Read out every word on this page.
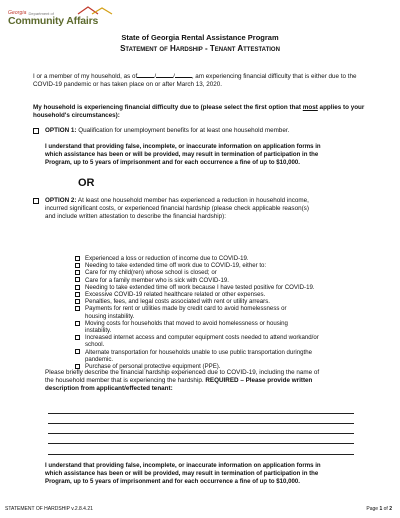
Georgia Department of
Community Affairs
State of Georgia Rental Assistance Program
Statement of Hardship - Tenant Attestation
I or a member of my household, as of	/	/	, am experiencing financial difficulty that is either due to the COVID-19 pandemic or has taken place on or after March 13, 2020.
My household is experiencing financial difficulty due to (please select the first option that most applies to your household's circumstances):
OPTION 1: Qualification for unemployment benefits for at least one household member.
I understand that providing false, incomplete, or inaccurate information on application forms in
which assistance has been or will be provided, may result in termination of participation in the
Program, up to 5 years of imprisonment and for each occurrence a fine of up to $10,000.
OR
OPTION 2: At least one household member has experienced a reduction in household income,
incurred significant costs, or experienced financial hardship (please check applicable reason(s)
and include written attestation to describe the financial hardship):
Experienced a loss or reduction of income due to COVID-19.
Needing to take extended time off work due to COVID-19, either to:
Care for my child(ren) whose school is closed; or
Care for a family member who is sick with COVID-19.
Needing to take extended time off work because I have tested positive for COVID-19.
Excessive COVID-19 related healthcare related or other expenses.
Penalties, fees, and legal costs associated with rent or utility arrears.
Payments for rent or utilities made by credit card to avoid homelessness or
housing instability.
Moving costs for households that moved to avoid homelessness or housing
instability.
Increased internet access and computer equipment costs needed to attend workand/or
school.
Alternate transportation for households unable to use public transportation duringthe
pandemic.
Purchase of personal protective equipment (PPE).
Please briefly describe the financial hardship experienced due to COVID-19, including the name of
the household member that is experiencing the hardship. REQUIRED – Please provide written
description from applicant/effected tenant:
I understand that providing false, incomplete, or inaccurate information on application forms in
which assistance has been or will be provided, may result in termination of participation in the
Program, up to 5 years of imprisonment and for each occurrence a fine of up to $10,000.
STATEMENT OF HARDSHIP v.2.8.4.21	Page 1 of 2
